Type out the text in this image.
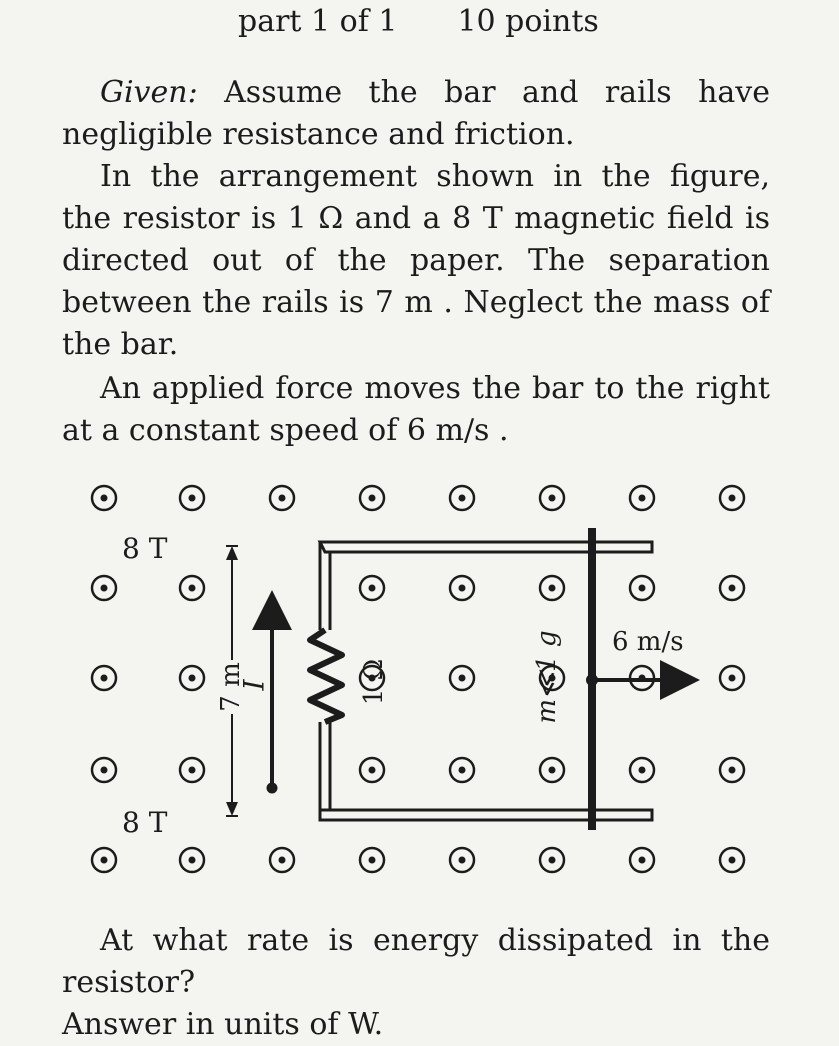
part 1 of 1 10 points
Given: Assume the bar and rails have negligible resistance and friction.
In the arrangement shown in the figure, the resistor is 1 Ω and a 8 T magnetic field is directed out of the paper. The separation between the rails is 7 m . Neglect the mass of the bar.
An applied force moves the bar to the right at a constant speed of 6 m/s .
7 m
I	1 Ω	m≪1 g 6 m/s
8 T
8 T
At what rate is energy dissipated in the resistor?
Answer in units of W.
